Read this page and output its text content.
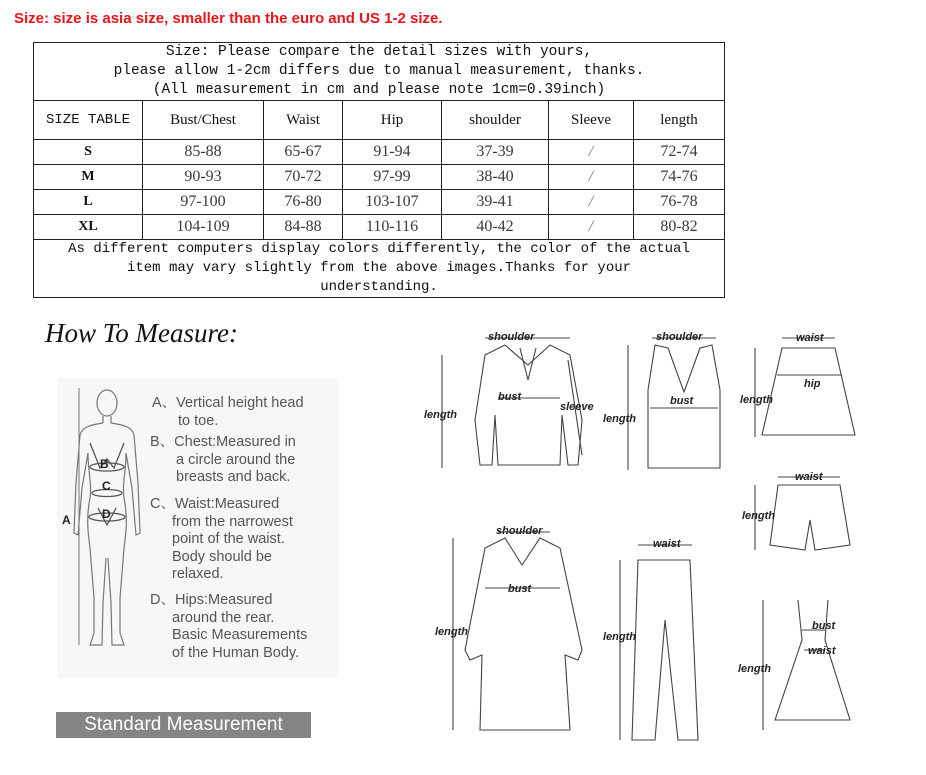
Size: size is asia size, smaller than the euro and US 1-2 size.
Size: Please compare the detail sizes with yours,
please allow 1-2cm differs due to manual measurement, thanks.
(All measurement in cm and please note 1cm=0.39inch)						

SIZE TABLE	Bust/Chest	Waist	Hip	shoulder	Sleeve	length
S	85-88	65-67	91-94	37-39	/	72-74
M	90-93	70-72	97-99	38-40	/	74-76
L	97-100	76-80	103-107	39-41	/	76-78
XL	104-109	84-88	110-116	40-42	/	80-82

As different computers display colors differently, the color of the actual
item may vary slightly from the above images.Thanks for your
understanding.						
How To Measure:
B
C
D
A
A、Vertical height head
to toe.
B、Chest:Measured in
a circle around the
breasts and back.
C、Waist:Measured
from the narrowest
point of the waist.
Body should be
relaxed.
D、Hips:Measured
around the rear.
Basic Measurements
of the Human Body.
Standard Measurement
shoulder
bust
length
sleeve
shoulder
bust
length
waist
hip
length
waist
length
shoulder
bust
length
waist
length
bust
waist
length
